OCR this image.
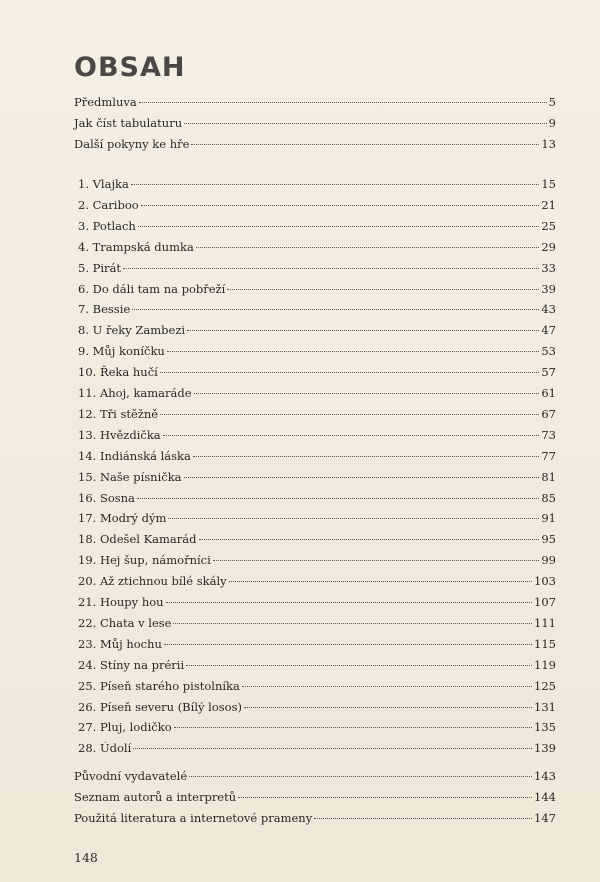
OBSAH
Předmluva	5
Jak číst tabulaturu	9
Další pokyny ke hře	13
1. Vlajka	15
2. Cariboo	21
3. Potlach	25
4. Trampská dumka	29
5. Pirát	33
6. Do dáli tam na pobřeží	39
7. Bessie	43
8. U řeky Zambezi	47
9. Můj koníčku	53
10. Řeka hučí	57
11. Ahoj, kamaráde	61
12. Tři stěžně	67
13. Hvězdička	73
14. Indiánská láska	77
15. Naše písnička	81
16. Sosna	85
17. Modrý dým	91
18. Odešel Kamarád	95
19. Hej šup, námořníci	99
20. Až ztichnou bílé skály	103
21. Houpy hou	107
22. Chata v lese	111
23. Můj hochu	115
24. Stíny na prérii	119
25. Píseň starého pistolníka	125
26. Píseň severu (Bílý losos)	131
27. Pluj, lodičko	135
28. Údolí	139
Původní vydavatelé	143
Seznam autorů a interpretů	144
Použitá literatura a internetové prameny	147
148
